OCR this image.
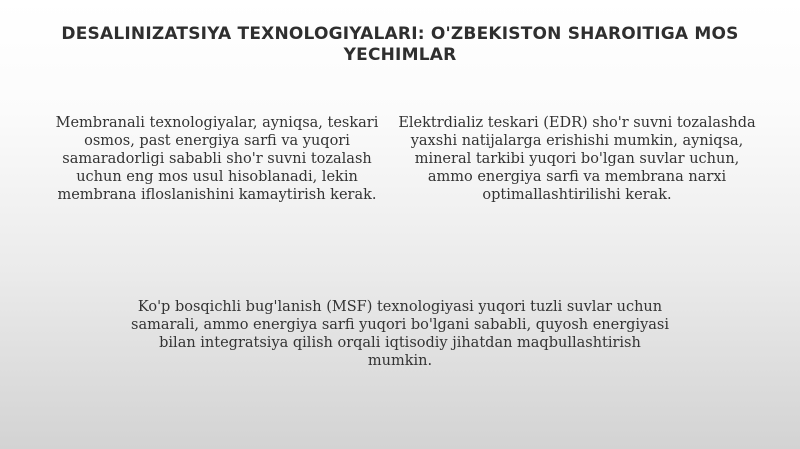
DESALINIZATSIYA TEXNOLOGIYALARI: O'ZBEKISTON SHAROITIGA MOS YECHIMLAR
Membranali texnologiyalar, ayniqsa, teskari osmos, past energiya sarfi va yuqori samaradorligi sababli sho'r suvni tozalash uchun eng mos usul hisoblanadi, lekin membrana ifloslanishini kamaytirish kerak.
Elektrdializ teskari (EDR) sho'r suvni tozalashda yaxshi natijalarga erishishi mumkin, ayniqsa, mineral tarkibi yuqori bo'lgan suvlar uchun, ammo energiya sarfi va membrana narxi optimallashtirilishi kerak.
Ko'p bosqichli bug'lanish (MSF) texnologiyasi yuqori tuzli suvlar uchun samarali, ammo energiya sarfi yuqori bo'lgani sababli, quyosh energiyasi bilan integratsiya qilish orqali iqtisodiy jihatdan maqbullashtirish mumkin.
